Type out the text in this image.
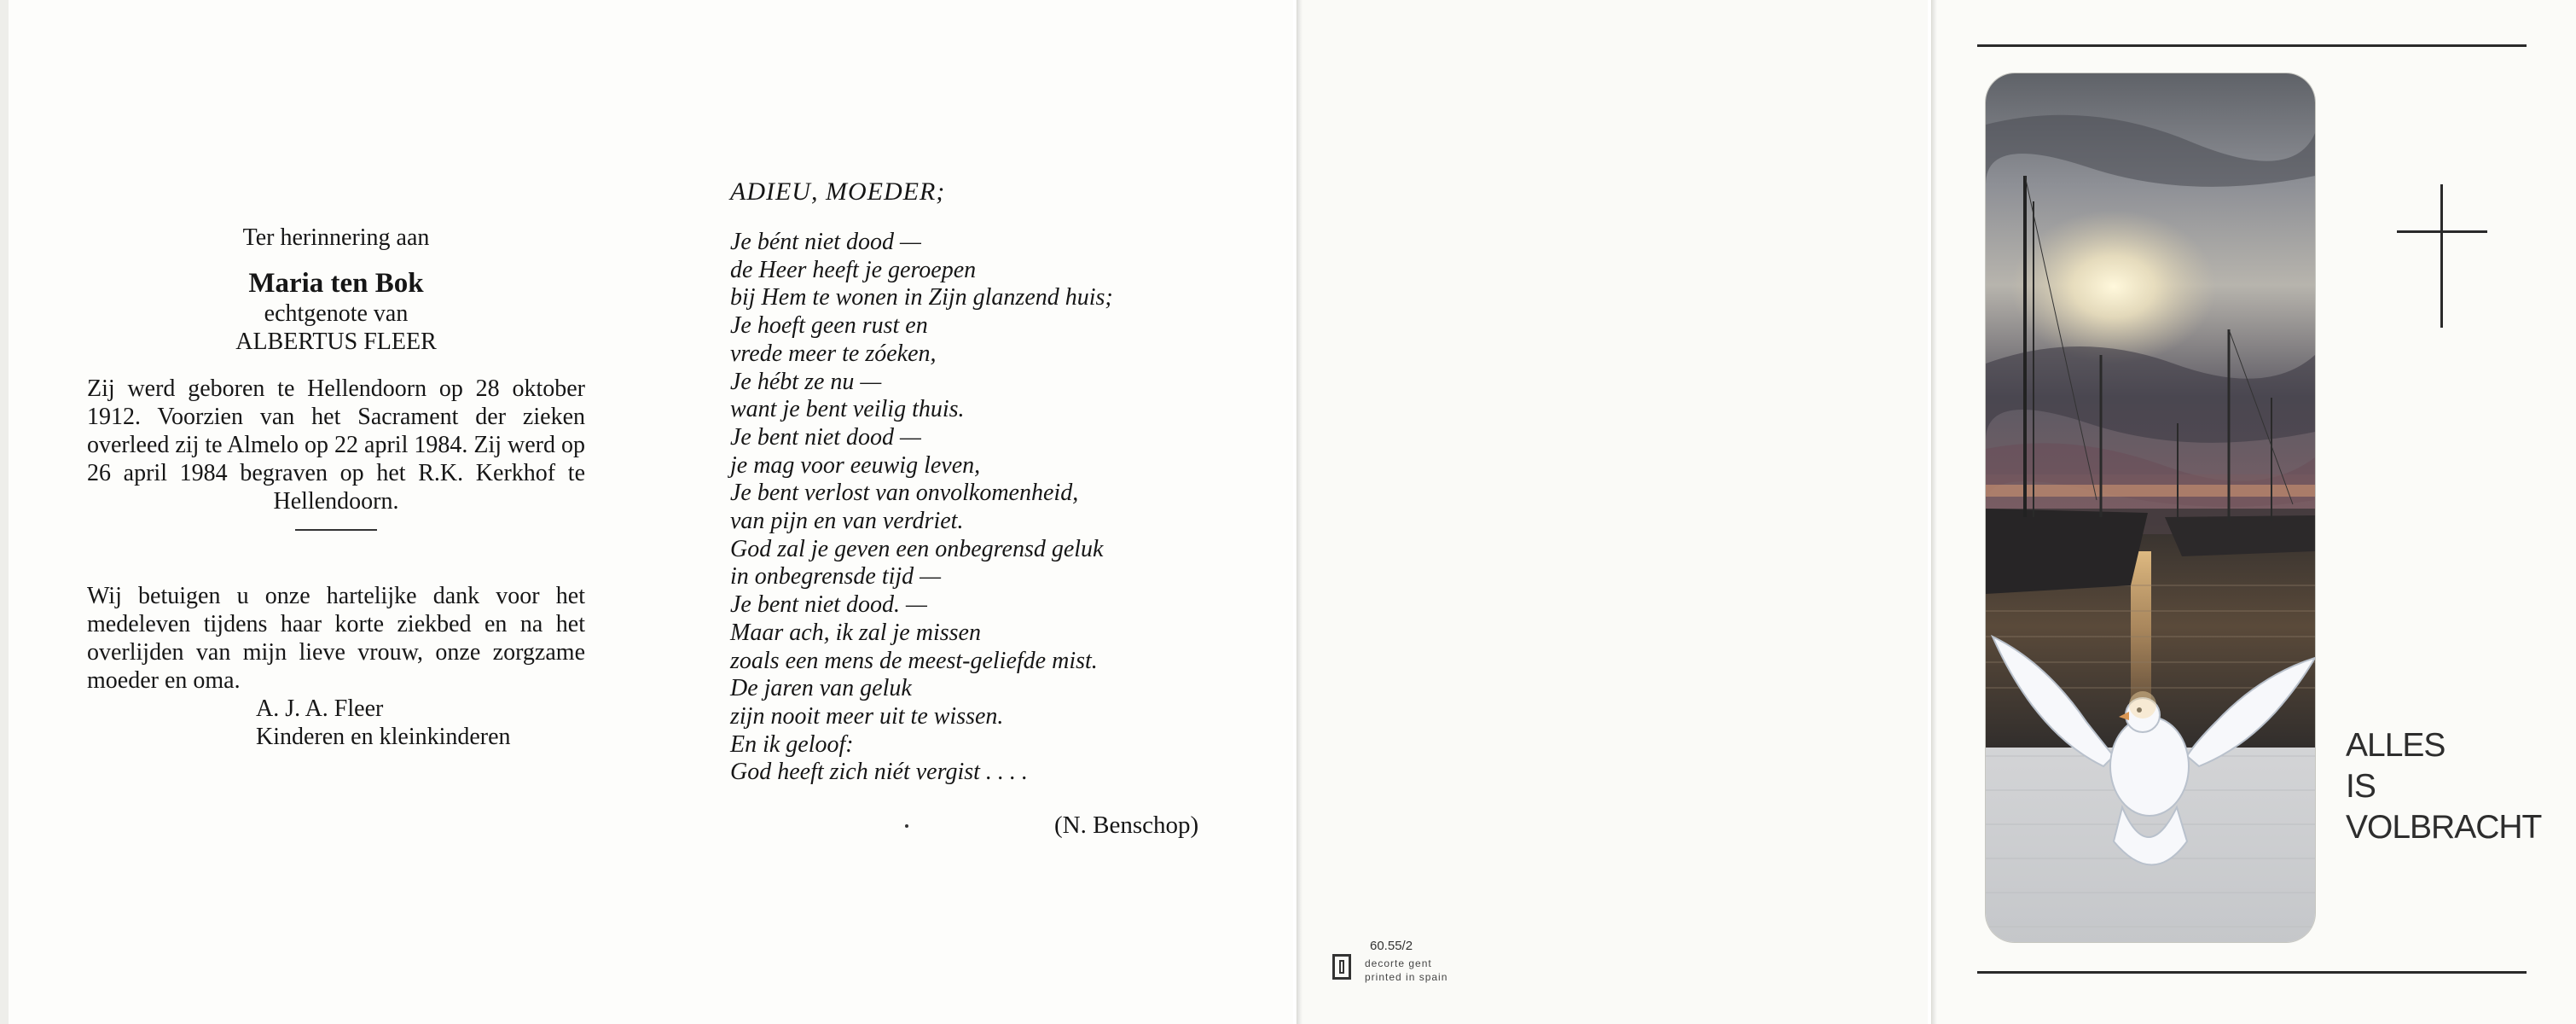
Ter herinnering aan
Maria ten Bok
echtgenote van
ALBERTUS FLEER
Zij werd geboren te Hellendoorn op 28 oktober 1912. Voorzien van het Sacrament der zieken overleed zij te Almelo op 22 april 1984. Zij werd op 26 april 1984 begraven op het R.K. Kerkhof te Hellendoorn.
Wij betuigen u onze hartelijke dank voor het medeleven tijdens haar korte ziekbed en na het overlijden van mijn lieve vrouw, onze zorgzame moeder en oma.
A. J. A. Fleer
Kinderen en kleinkinderen
ADIEU, MOEDER;
Je bént niet dood —
de Heer heeft je geroepen
bij Hem te wonen in Zijn glanzend huis;
Je hoeft geen rust en
vrede meer te zóeken,
Je hébt ze nu —
want je bent veilig thuis.
Je bent niet dood —
je mag voor eeuwig leven,
Je bent verlost van onvolkomenheid,
van pijn en van verdriet.
God zal je geven een onbegrensd geluk
in onbegrensde tijd —
Je bent niet dood. —
Maar ach, ik zal je missen
zoals een mens de meest-geliefde mist.
De jaren van geluk
zijn nooit meer uit te wissen.
En ik geloof:
God heeft zich niét vergist . . . .
(N. Benschop)
60.55/2
decorte gent
printed in spain
ALLES
IS
VOLBRACHT
